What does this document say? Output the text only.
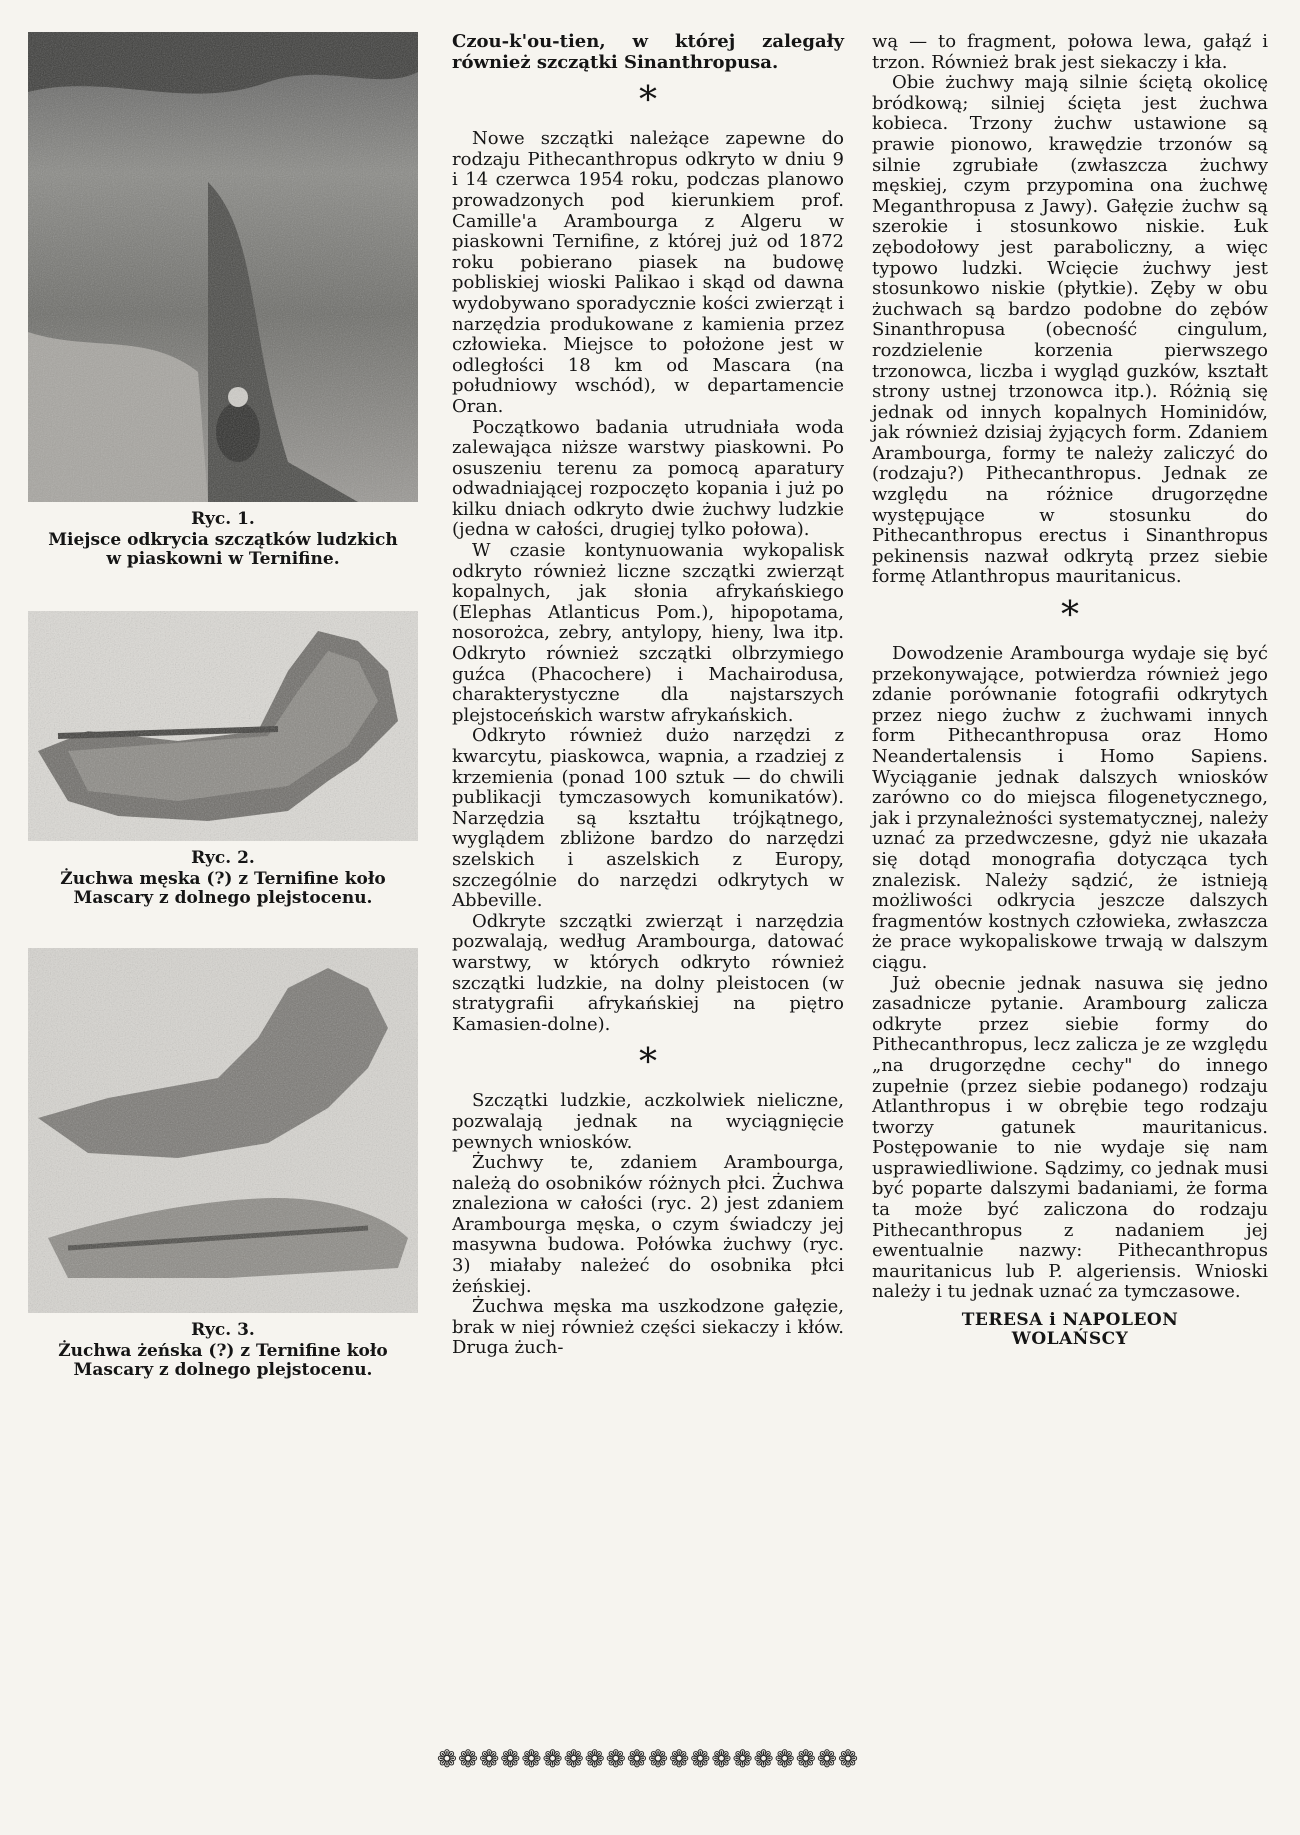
Ryc. 1.
Miejsce odkrycia szczątków ludzkich w piaskowni w Ternifine.
Ryc. 2.
Żuchwa męska (?) z Ternifine koło Mascary z dolnego plejstocenu.
Ryc. 3.
Żuchwa żeńska (?) z Ternifine koło Mascary z dolnego plejstocenu.

Czou-k'ou-tien, w której zalegały również szczątki Sinanthropusa.

*

Nowe szczątki należące zapewne do rodzaju Pithecanthropus odkryto w dniu 9 i 14 czerwca 1954 roku, podczas planowo prowadzonych pod kierunkiem prof. Camille'a Arambourga z Algeru w piaskowni Ternifine, z której już od 1872 roku pobierano piasek na budowę pobliskiej wioski Palikao i skąd od dawna wydobywano sporadycznie kości zwierząt i narzędzia produkowane z kamienia przez człowieka. Miejsce to położone jest w odległości 18 km od Mascara (na południowy wschód), w departamencie Oran.

Początkowo badania utrudniała woda zalewająca niższe warstwy piaskowni. Po osuszeniu terenu za pomocą aparatury odwadniającej rozpoczęto kopania i już po kilku dniach odkryto dwie żuchwy ludzkie (jedna w całości, drugiej tylko połowa).

W czasie kontynuowania wykopalisk odkryto również liczne szczątki zwierząt kopalnych, jak słonia afrykańskiego (Elephas Atlanticus Pom.), hipopotama, nosorożca, zebry, antylopy, hieny, lwa itp. Odkryto również szczątki olbrzymiego guźca (Phacochere) i Machairodusa, charakterystyczne dla najstarszych plejstoceńskich warstw afrykańskich.

Odkryto również dużo narzędzi z kwarcytu, piaskowca, wapnia, a rzadziej z krzemienia (ponad 100 sztuk — do chwili publikacji tymczasowych komunikatów). Narzędzia są kształtu trójkątnego, wyglądem zbliżone bardzo do narzędzi szelskich i aszelskich z Europy, szczególnie do narzędzi odkrytych w Abbeville.

Odkryte szczątki zwierząt i narzędzia pozwalają, według Arambourga, datować warstwy, w których odkryto również szczątki ludzkie, na dolny pleistocen (w stratygrafii afrykańskiej na piętro Kamasien-dolne).

*

Szczątki ludzkie, aczkolwiek nieliczne, pozwalają jednak na wyciągnięcie pewnych wniosków.

Żuchwy te, zdaniem Arambourga, należą do osobników różnych płci. Żuchwa znaleziona w całości (ryc. 2) jest zdaniem Arambourga męska, o czym świadczy jej masywna budowa. Połówka żuchwy (ryc. 3) miałaby należeć do osobnika płci żeńskiej.

Żuchwa męska ma uszkodzone gałęzie, brak w niej również części siekaczy i kłów. Druga żuch-

wą — to fragment, połowa lewa, gałąź i trzon. Również brak jest siekaczy i kła.

Obie żuchwy mają silnie ściętą okolicę bródkową; silniej ścięta jest żuchwa kobieca. Trzony żuchw ustawione są prawie pionowo, krawędzie trzonów są silnie zgrubiałe (zwłaszcza żuchwy męskiej, czym przypomina ona żuchwę Meganthropusa z Jawy). Gałęzie żuchw są szerokie i stosunkowo niskie. Łuk zębodołowy jest paraboliczny, a więc typowo ludzki. Wcięcie żuchwy jest stosunkowo niskie (płytkie). Zęby w obu żuchwach są bardzo podobne do zębów Sinanthropusa (obecność cingulum, rozdzielenie korzenia pierwszego trzonowca, liczba i wygląd guzków, kształt strony ustnej trzonowca itp.). Różnią się jednak od innych kopalnych Hominidów, jak również dzisiaj żyjących form. Zdaniem Arambourga, formy te należy zaliczyć do (rodzaju?) Pithecanthropus. Jednak ze względu na różnice drugorzędne występujące w stosunku do Pithecanthropus erectus i Sinanthropus pekinensis nazwał odkrytą przez siebie formę Atlanthropus mauritanicus.

*

Dowodzenie Arambourga wydaje się być przekonywające, potwierdza również jego zdanie porównanie fotografii odkrytych przez niego żuchw z żuchwami innych form Pithecanthropusa oraz Homo Neandertalensis i Homo Sapiens. Wyciąganie jednak dalszych wniosków zarówno co do miejsca filogenetycznego, jak i przynależności systematycznej, należy uznać za przedwczesne, gdyż nie ukazała się dotąd monografia dotycząca tych znalezisk. Należy sądzić, że istnieją możliwości odkrycia jeszcze dalszych fragmentów kostnych człowieka, zwłaszcza że prace wykopaliskowe trwają w dalszym ciągu.

Już obecnie jednak nasuwa się jedno zasadnicze pytanie. Arambourg zalicza odkryte przez siebie formy do Pithecanthropus, lecz zalicza je ze względu „na drugorzędne cechy" do innego zupełnie (przez siebie podanego) rodzaju Atlanthropus i w obrębie tego rodzaju tworzy gatunek mauritanicus. Postępowanie to nie wydaje się nam usprawiedliwione. Sądzimy, co jednak musi być poparte dalszymi badaniami, że forma ta może być zaliczona do rodzaju Pithecanthropus z nadaniem jej ewentualnie nazwy: Pithecanthropus mauritanicus lub P. algeriensis. Wnioski należy i tu jednak uznać za tymczasowe.

TERESA i NAPOLEON
WOLAŃSCY
❁❁❁❁❁❁❁❁❁❁❁❁❁❁❁❁❁❁❁❁
